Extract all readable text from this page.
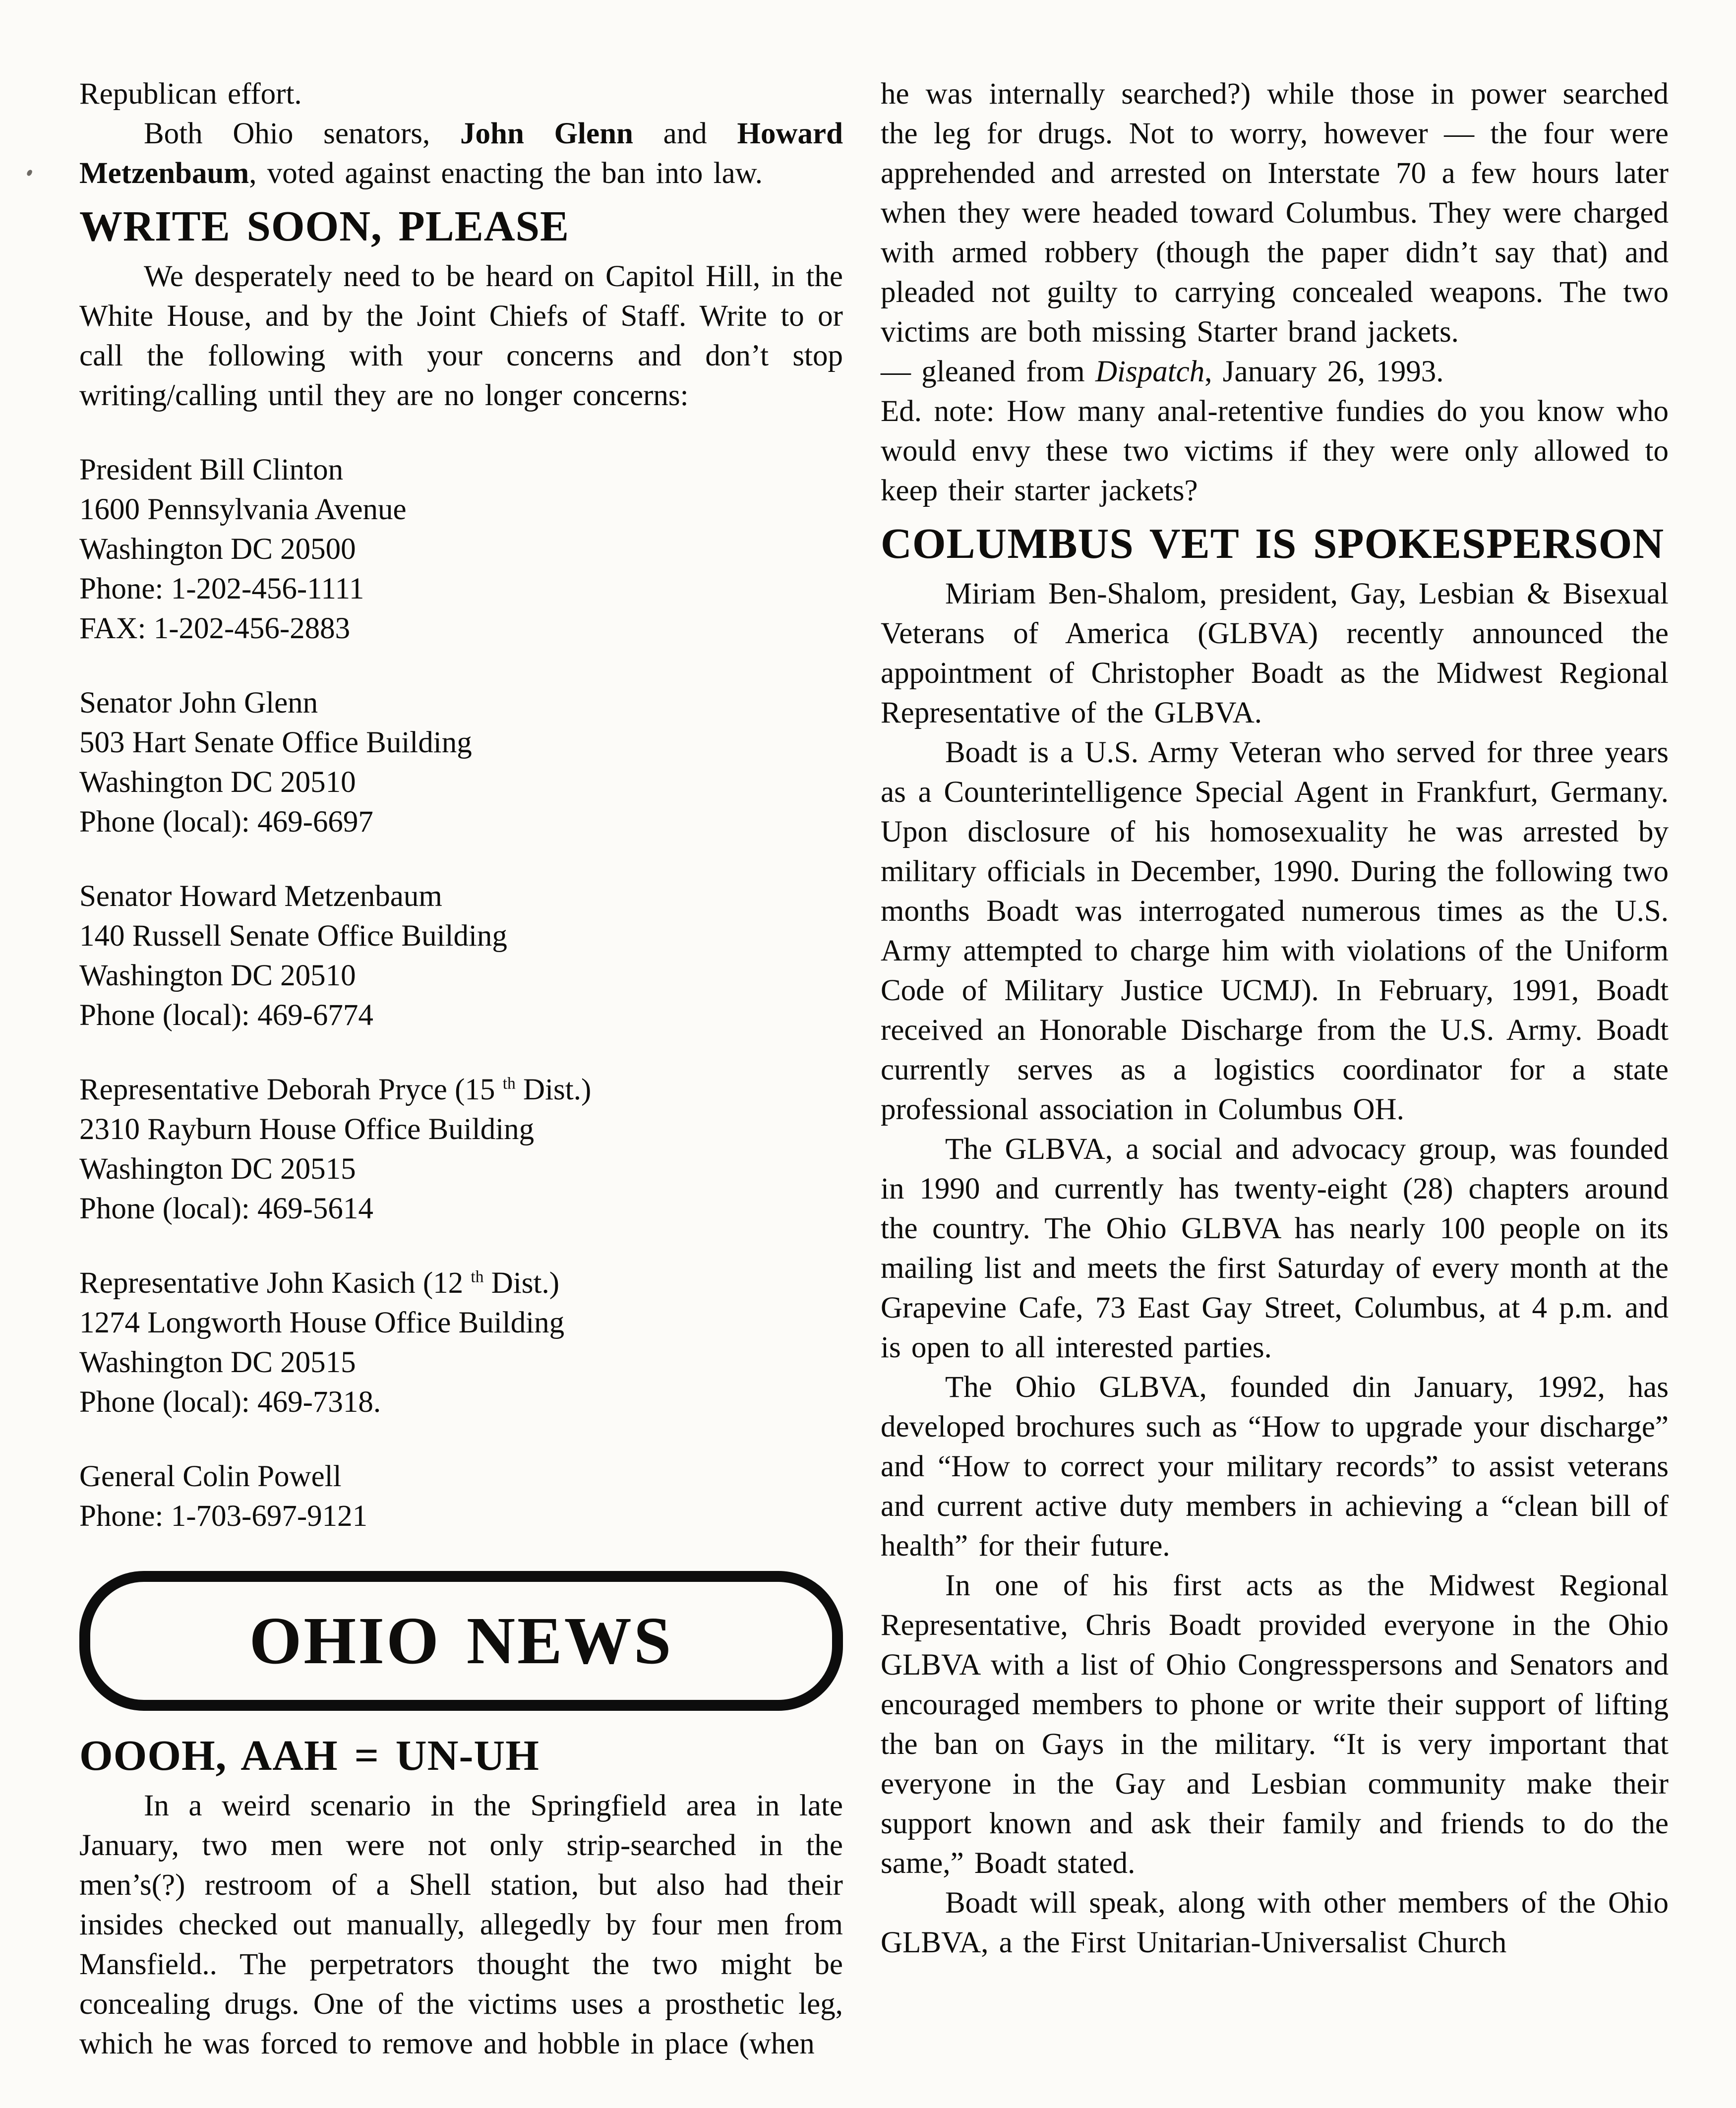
Republican effort.

Both Ohio senators, John Glenn and Howard Metzenbaum, voted against enacting the ban into law.

WRITE SOON, PLEASE

We desperately need to be heard on Capitol Hill, in the White House, and by the Joint Chiefs of Staff. Write to or call the following with your concerns and don’t stop writing/calling until they are no longer concerns:

President Bill Clinton
1600 Pennsylvania Avenue
Washington DC 20500
Phone: 1-202-456-1111
FAX: 1-202-456-2883
Senator John Glenn
503 Hart Senate Office Building
Washington DC 20510
Phone (local): 469-6697
Senator Howard Metzenbaum
140 Russell Senate Office Building
Washington DC 20510
Phone (local): 469-6774
Representative Deborah Pryce (15 $^{th}$ Dist.)
2310 Rayburn House Office Building
Washington DC 20515
Phone (local): 469-5614
Representative John Kasich (12 $^{th}$ Dist.)
1274 Longworth House Office Building
Washington DC 20515
Phone (local): 469-7318.
General Colin Powell
Phone: 1-703-697-9121
OHIO NEWS
OOOH, AAH = UN-UH

In a weird scenario in the Springfield area in late January, two men were not only strip-searched in the men’s(?) restroom of a Shell station, but also had their insides checked out manually, allegedly by four men from Mansfield.. The perpetrators thought the two might be concealing drugs. One of the victims uses a prosthetic leg, which he was forced to remove and hobble in place (when

he was internally searched?) while those in power searched the leg for drugs. Not to worry, however — the four were apprehended and arrested on Interstate 70 a few hours later when they were headed toward Columbus. They were charged with armed robbery (though the paper didn’t say that) and pleaded not guilty to carrying concealed weapons. The two victims are both missing Starter brand jackets.

— gleaned from Dispatch, January 26, 1993.

Ed. note: How many anal-retentive fundies do you know who would envy these two victims if they were only allowed to keep their starter jackets?

COLUMBUS VET IS SPOKESPERSON

Miriam Ben-Shalom, president, Gay, Lesbian & Bisexual Veterans of America (GLBVA) recently announced the appointment of Christopher Boadt as the Midwest Regional Representative of the GLBVA.

Boadt is a U.S. Army Veteran who served for three years as a Counterintelligence Special Agent in Frankfurt, Germany. Upon disclosure of his homosexuality he was arrested by military officials in December, 1990. During the following two months Boadt was interrogated numerous times as the U.S. Army attempted to charge him with violations of the Uniform Code of Military Justice UCMJ). In February, 1991, Boadt received an Honorable Discharge from the U.S. Army. Boadt currently serves as a logistics coordinator for a state professional association in Columbus OH.

The GLBVA, a social and advocacy group, was founded in 1990 and currently has twenty-eight (28) chapters around the country. The Ohio GLBVA has nearly 100 people on its mailing list and meets the first Saturday of every month at the Grapevine Cafe, 73 East Gay Street, Columbus, at 4 p.m. and is open to all interested parties.

The Ohio GLBVA, founded din January, 1992, has developed brochures such as “How to upgrade your discharge” and “How to correct your military records” to assist veterans and current active duty members in achieving a “clean bill of health” for their future.

In one of his first acts as the Midwest Regional Representative, Chris Boadt provided everyone in the Ohio GLBVA with a list of Ohio Congresspersons and Senators and encouraged members to phone or write their support of lifting the ban on Gays in the military. “It is very important that everyone in the Gay and Lesbian community make their support known and ask their family and friends to do the same,” Boadt stated.

Boadt will speak, along with other members of the Ohio GLBVA, a the First Unitarian-Universalist Church
